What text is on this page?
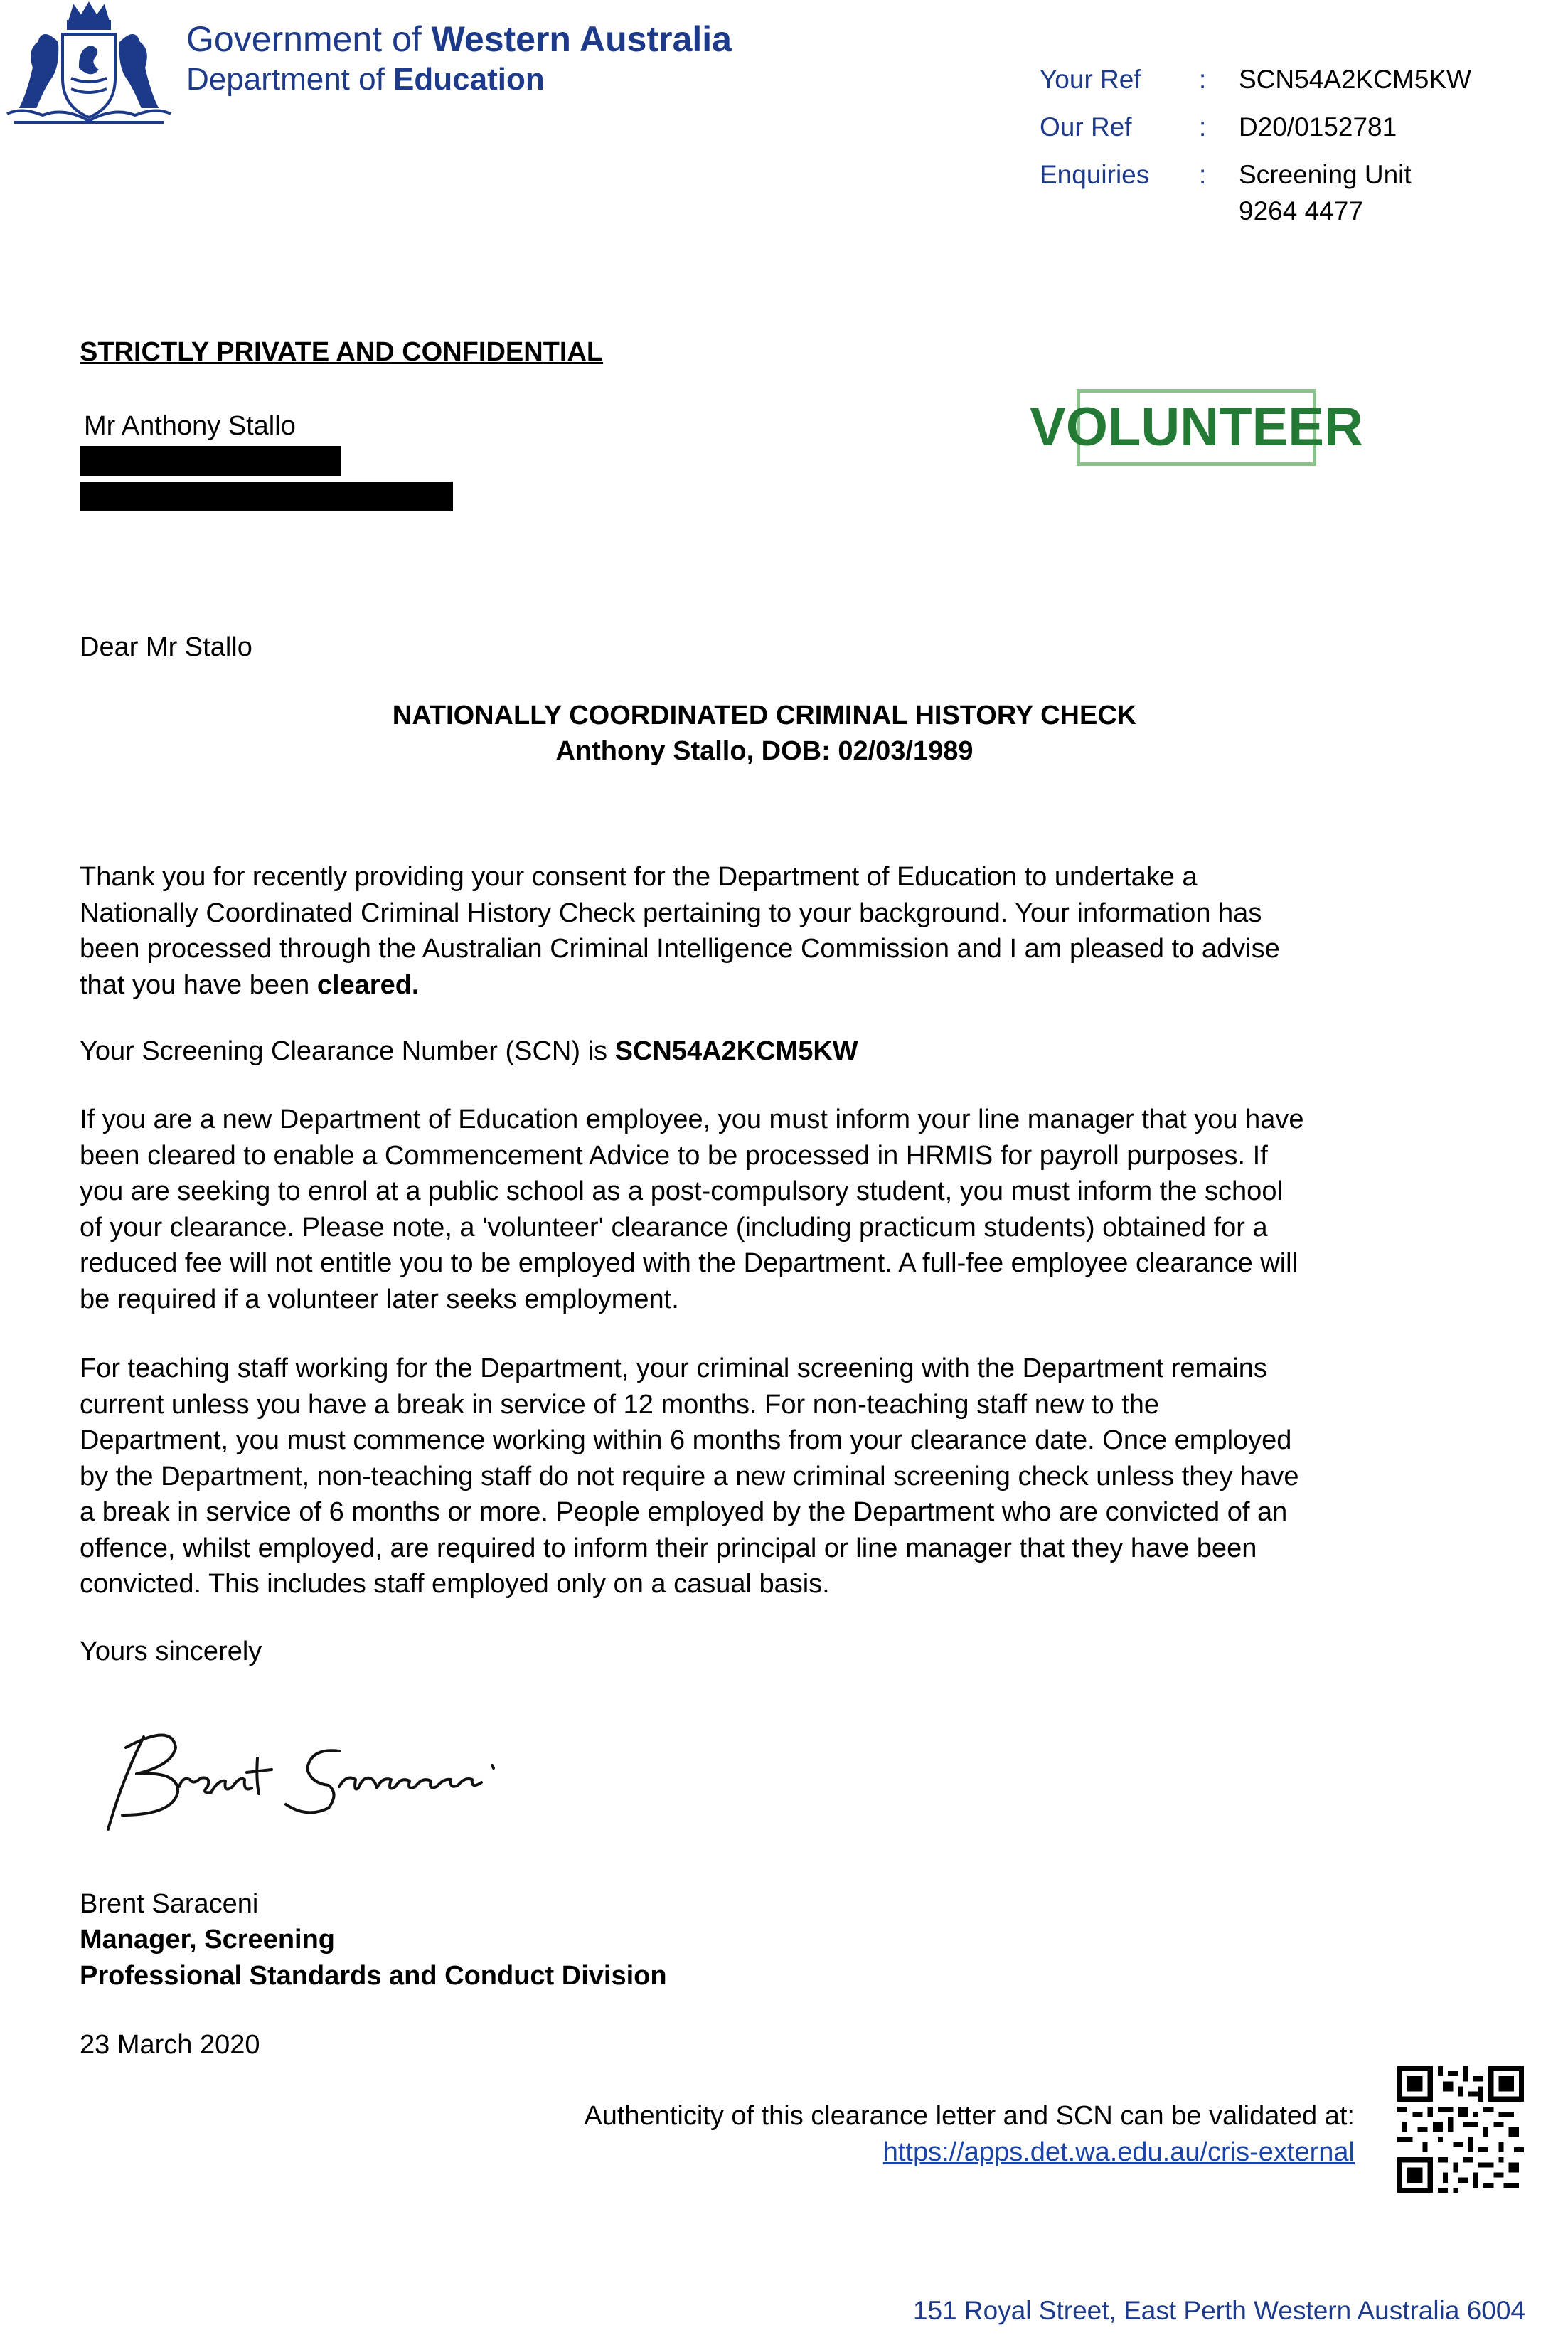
Government of Western Australia
Department of Education	Your Ref : SCN54A2KCM5KW
Our Ref	: D20/0152781
Enquiries : Screening Unit
9264 4477
STRICTLY PRIVATE AND CONFIDENTIAL
Mr Anthony Stallo	VOLUNTEER
Dear Mr Stallo
NATIONALLY COORDINATED CRIMINAL HISTORY CHECK
Anthony Stallo, DOB: 02/03/1989
Thank you for recently providing your consent for the Department of Education to undertake a
Nationally Coordinated Criminal History Check pertaining to your background. Your information has
been processed through the Australian Criminal Intelligence Commission and I am pleased to advise
that you have been cleared.
Your Screening Clearance Number (SCN) is SCN54A2KCM5KW
If you are a new Department of Education employee, you must inform your line manager that you have
been cleared to enable a Commencement Advice to be processed in HRMIS for payroll purposes. If
you are seeking to enrol at a public school as a post-compulsory student, you must inform the school
of your clearance. Please note, a 'volunteer' clearance (including practicum students) obtained for a
reduced fee will not entitle you to be employed with the Department. A full-fee employee clearance will
be required if a volunteer later seeks employment.
For teaching staff working for the Department, your criminal screening with the Department remains
current unless you have a break in service of 12 months. For non-teaching staff new to the
Department, you must commence working within 6 months from your clearance date. Once employed
by the Department, non-teaching staff do not require a new criminal screening check unless they have
a break in service of 6 months or more. People employed by the Department who are convicted of an
offence, whilst employed, are required to inform their principal or line manager that they have been
convicted. This includes staff employed only on a casual basis.
Yours sincerely
Brent Saraceni
Manager, Screening
Professional Standards and Conduct Division
23 March 2020
Authenticity of this clearance letter and SCN can be validated at:
https://apps.det.wa.edu.au/cris-external
151 Royal Street, East Perth Western Australia 6004
